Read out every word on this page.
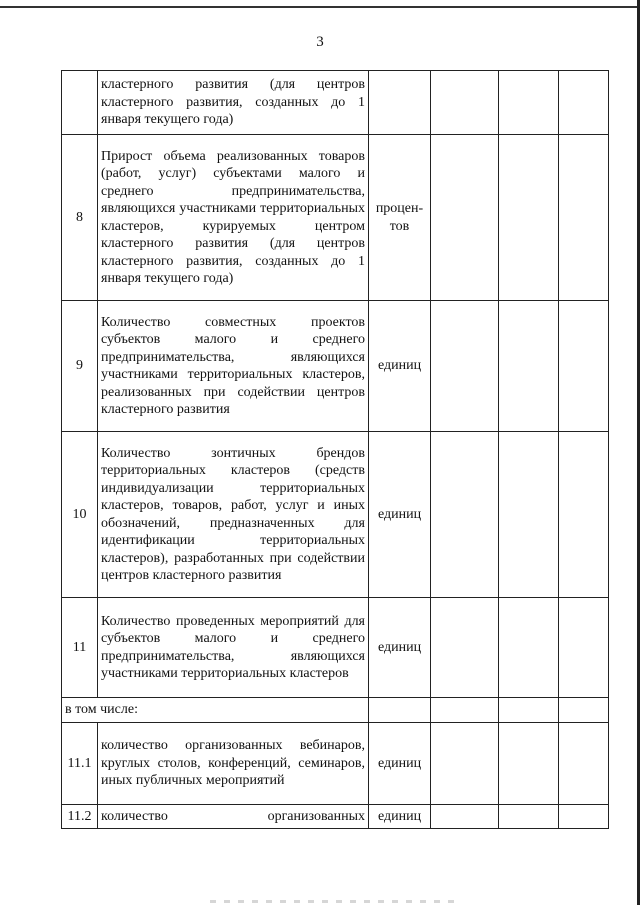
3
	кластерного развития (для центров кластерного развития, созданных до 1 января текущего года)				
8	Прирост объема реализованных товаров (работ, услуг) субъектами малого и среднего предпринимательства, являющихся участниками территориальных кластеров, курируемых центром кластерного развития (для центров кластерного развития, созданных до 1 января текущего года)	процен-тов			
9	Количество совместных проектов субъектов малого и среднего предпринимательства, являющихся участниками территориальных кластеров, реализованных при содействии центров кластерного развития	единиц			
10	Количество зонтичных брендов территориальных кластеров (средств индивидуализации территориальных кластеров, товаров, работ, услуг и иных обозначений, предназначенных для идентификации территориальных кластеров), разработанных при содействии центров кластерного развития	единиц			
11	Количество проведенных мероприятий для субъектов малого и среднего предпринимательства, являющихся участниками территориальных кластеров	единиц			
в том числе:					
11.1	количество организованных вебинаров, круглых столов, конференций, семинаров, иных публичных мероприятий	единиц			
11.2	количество организованных	единиц			
